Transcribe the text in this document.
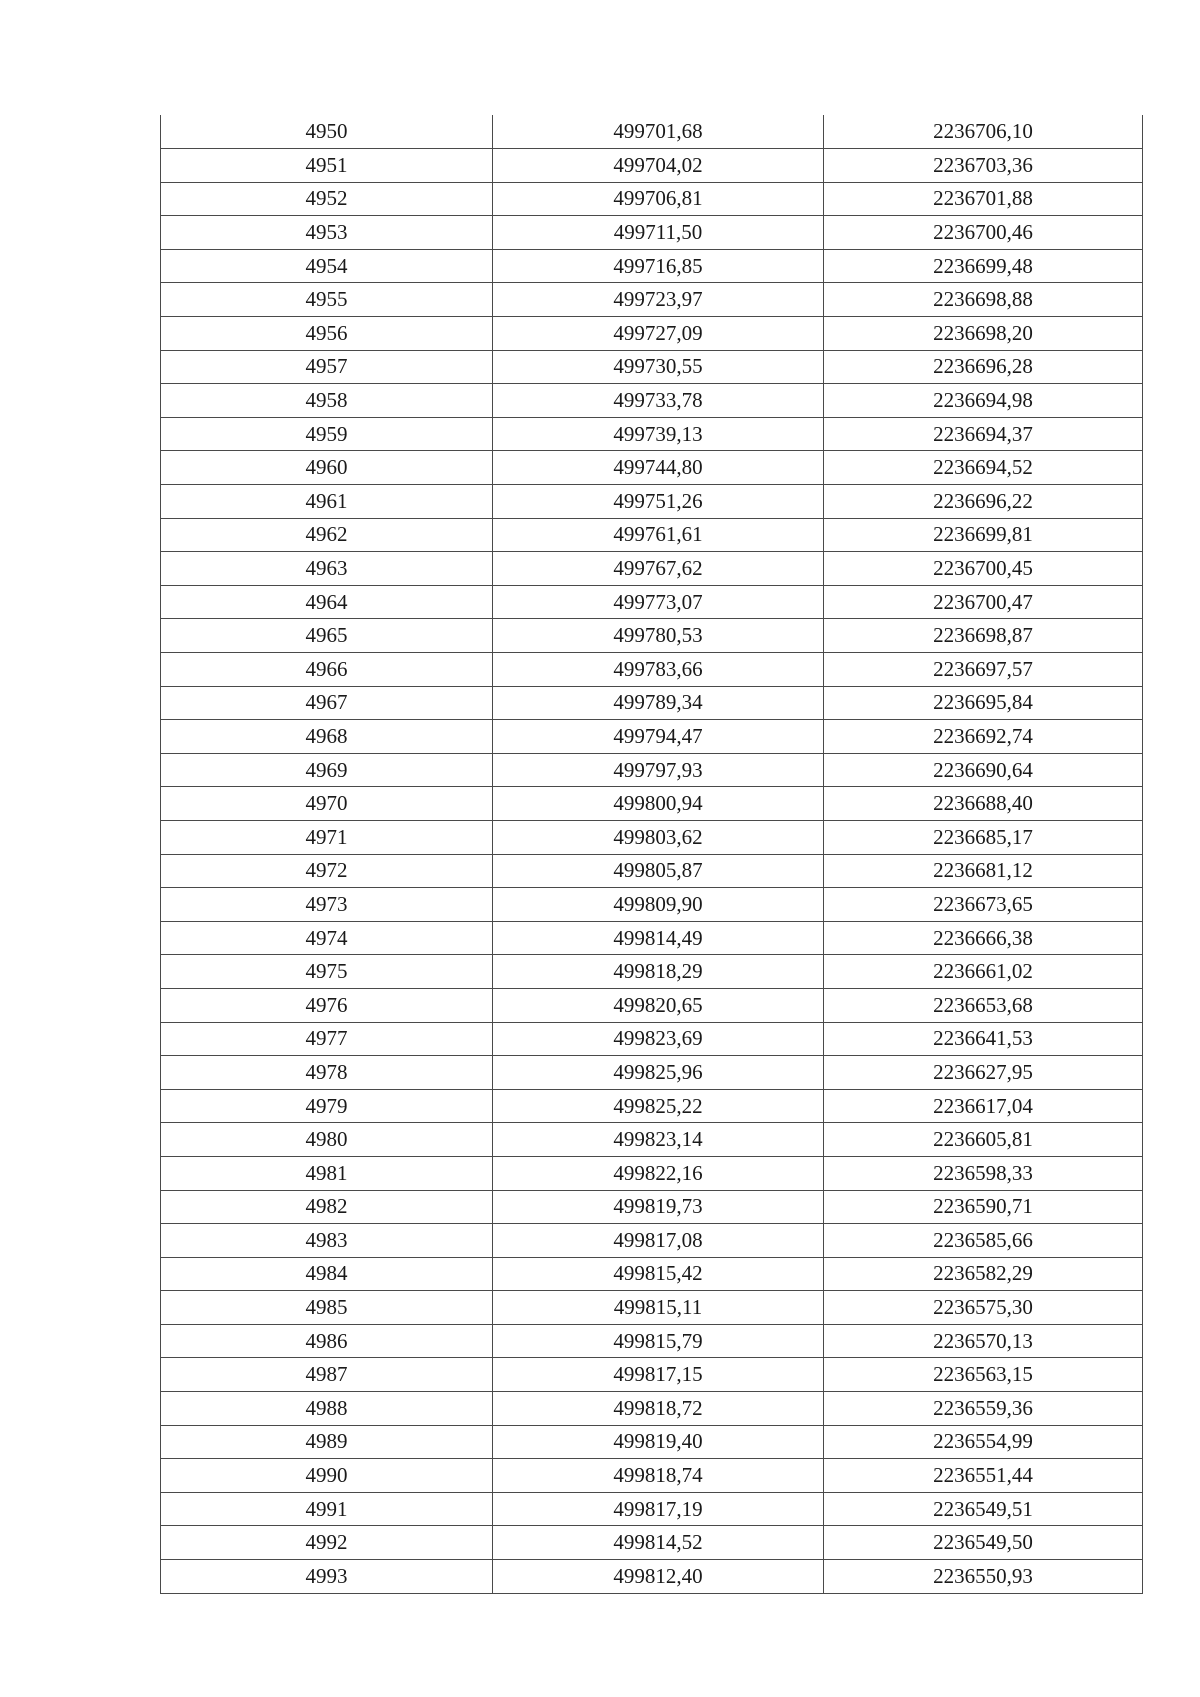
4950	499701,68	2236706,10
4951	499704,02	2236703,36
4952	499706,81	2236701,88
4953	499711,50	2236700,46
4954	499716,85	2236699,48
4955	499723,97	2236698,88
4956	499727,09	2236698,20
4957	499730,55	2236696,28
4958	499733,78	2236694,98
4959	499739,13	2236694,37
4960	499744,80	2236694,52
4961	499751,26	2236696,22
4962	499761,61	2236699,81
4963	499767,62	2236700,45
4964	499773,07	2236700,47
4965	499780,53	2236698,87
4966	499783,66	2236697,57
4967	499789,34	2236695,84
4968	499794,47	2236692,74
4969	499797,93	2236690,64
4970	499800,94	2236688,40
4971	499803,62	2236685,17
4972	499805,87	2236681,12
4973	499809,90	2236673,65
4974	499814,49	2236666,38
4975	499818,29	2236661,02
4976	499820,65	2236653,68
4977	499823,69	2236641,53
4978	499825,96	2236627,95
4979	499825,22	2236617,04
4980	499823,14	2236605,81
4981	499822,16	2236598,33
4982	499819,73	2236590,71
4983	499817,08	2236585,66
4984	499815,42	2236582,29
4985	499815,11	2236575,30
4986	499815,79	2236570,13
4987	499817,15	2236563,15
4988	499818,72	2236559,36
4989	499819,40	2236554,99
4990	499818,74	2236551,44
4991	499817,19	2236549,51
4992	499814,52	2236549,50
4993	499812,40	2236550,93
